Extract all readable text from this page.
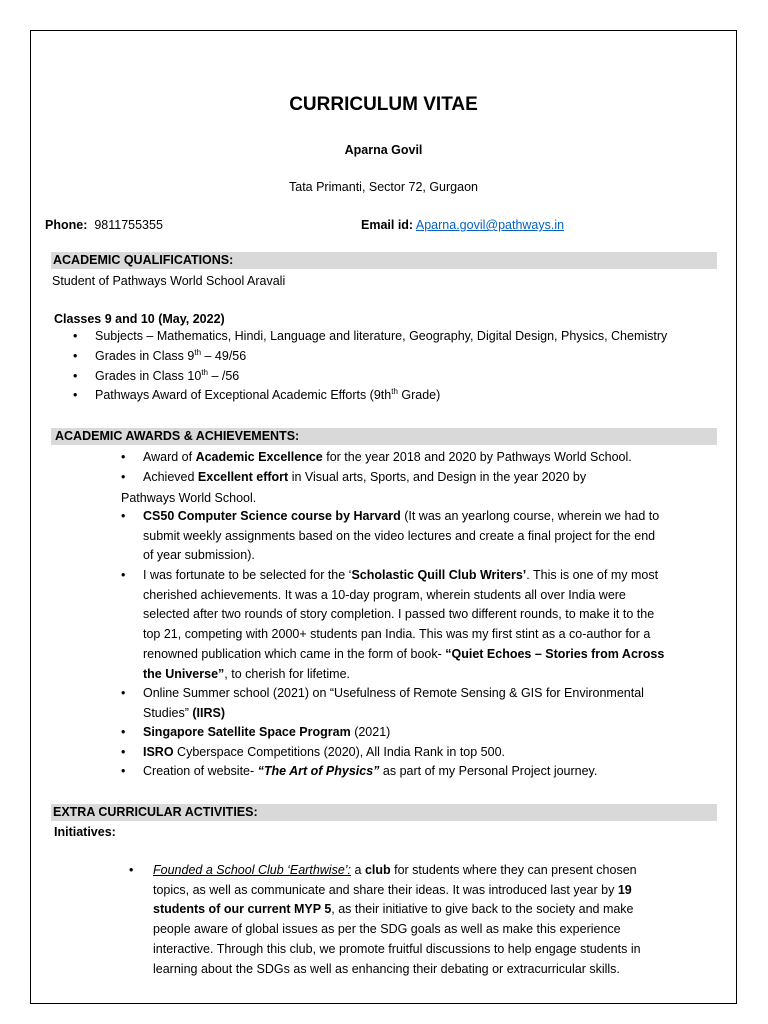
CURRICULUM VITAE
Aparna Govil
Tata Primanti, Sector 72, Gurgaon
Phone: 9811755355	Email id: Aparna.govil@pathways.in
ACADEMIC QUALIFICATIONS:
Student of Pathways World School Aravali
Classes 9 and 10 (May, 2022)
• Subjects – Mathematics, Hindi, Language and literature, Geography, Digital Design, Physics, Chemistry
• Grades in Class 9th – 49/56
• Grades in Class 10th – /56
• Pathways Award of Exceptional Academic Efforts ($9th^{th}$ Grade)
ACADEMIC AWARDS & ACHIEVEMENTS:
• Award of Academic Excellence for the year 2018 and 2020 by Pathways World School.
• Achieved Excellent effort in Visual arts, Sports, and Design in the year 2020 by
Pathways World School.
• CS50 Computer Science course by Harvard (It was an yearlong course, wherein we had to
submit weekly assignments based on the video lectures and create a final project for the end
of year submission).
• I was fortunate to be selected for the ‘Scholastic Quill Club Writers’. This is one of my most
cherished achievements. It was a 10-day program, wherein students all over India were
selected after two rounds of story completion. I passed two different rounds, to make it to the
top 21, competing with 2000+ students pan India. This was my first stint as a co-author for a
renowned publication which came in the form of book- “Quiet Echoes – Stories from Across
the Universe”, to cherish for lifetime.
• Online Summer school (2021) on “Usefulness of Remote Sensing & GIS for Environmental
Studies” (IIRS)
• Singapore Satellite Space Program (2021)
• ISRO Cyberspace Competitions (2020), All India Rank in top 500.
• Creation of website- “The Art of Physics” as part of my Personal Project journey.
EXTRA CURRICULAR ACTIVITIES:
Initiatives:
• Founded a School Club ‘Earthwise’: a club for students where they can present chosen
topics, as well as communicate and share their ideas. It was introduced last year by 19
students of our current MYP 5, as their initiative to give back to the society and make
people aware of global issues as per the SDG goals as well as make this experience
interactive. Through this club, we promote fruitful discussions to help engage students in
learning about the SDGs as well as enhancing their debating or extracurricular skills.
